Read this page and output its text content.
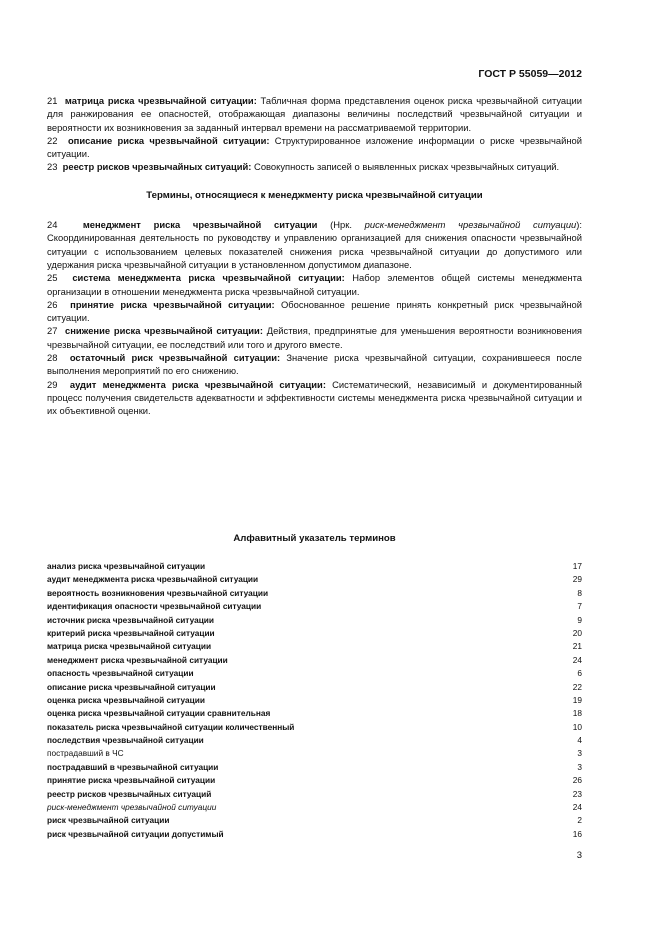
ГОСТ Р 55059—2012

21 матрица риска чрезвычайной ситуации: Табличная форма представления оценок риска чрезвычайной ситуации для ранжирования ее опасностей, отображающая диапазоны величины последствий чрезвычайной ситуации и вероятности их возникновения за заданный интервал времени на рассматриваемой территории.

22 описание риска чрезвычайной ситуации: Структурированное изложение информации о риске чрезвычайной ситуации.

23 реестр рисков чрезвычайных ситуаций: Совокупность записей о выявленных рисках чрезвычайных ситуаций.

Термины, относящиеся к менеджменту риска чрезвычайной ситуации

24	менеджмент риска чрезвычайной ситуации (Нрк. риск-менеджмент чрезвычайной ситуации): Скоординированная деятельность по руководству и управлению организацией для снижения опасности чрезвычайной ситуации с использованием целевых показателей снижения риска чрезвычайной ситуации до допустимого или удержания риска чрезвычайной ситуации в установленном допустимом диапазоне.

25 система менеджмента риска чрезвычайной ситуации: Набор элементов общей системы менеджмента организации в отношении менеджмента риска чрезвычайной ситуации.

26 принятие риска чрезвычайной ситуации: Обоснованное решение принять конкретный риск чрезвычайной ситуации.

27 снижение риска чрезвычайной ситуации: Действия, предпринятые для уменьшения вероятности возникновения чрезвычайной ситуации, ее последствий или того и другого вместе.

28 остаточный риск чрезвычайной ситуации: Значение риска чрезвычайной ситуации, сохранившееся после выполнения мероприятий по его снижению.

29 аудит менеджмента риска чрезвычайной ситуации: Систематический, независимый и документированный процесс получения свидетельств адекватности и эффективности системы менеджмента риска чрезвычайной ситуации и их объективной оценки.

Алфавитный указатель терминов
анализ риска чрезвычайной ситуации	17
аудит менеджмента риска чрезвычайной ситуации	29
вероятность возникновения чрезвычайной ситуации	8
идентификация опасности чрезвычайной ситуации	7
источник риска чрезвычайной ситуации	9
критерий риска чрезвычайной ситуации	20
матрица риска чрезвычайной ситуации	21
менеджмент риска чрезвычайной ситуации	24
опасность чрезвычайной ситуации	6
описание риска чрезвычайной ситуации	22
оценка риска чрезвычайной ситуации	19
оценка риска чрезвычайной ситуации сравнительная	18
показатель риска чрезвычайной ситуации количественный	10
последствия чрезвычайной ситуации	4
пострадавший в ЧС	3
пострадавший в чрезвычайной ситуации	3
принятие риска чрезвычайной ситуации	26
реестр рисков чрезвычайных ситуаций	23
риск-менеджмент чрезвычайной ситуации	24
риск чрезвычайной ситуации	2
риск чрезвычайной ситуации допустимый	16
3
